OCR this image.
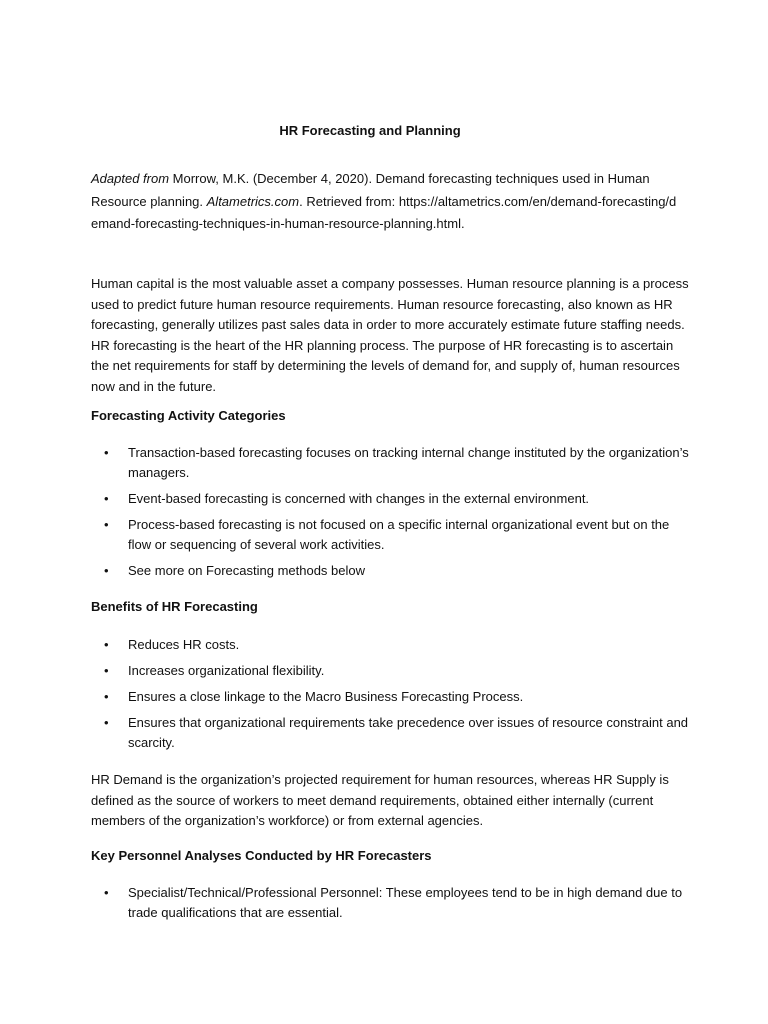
HR Forecasting and Planning
Adapted from Morrow, M.K. (December 4, 2020). Demand forecasting techniques used in Human Resource planning. Altametrics.com. Retrieved from: https://altametrics.com/en/demand-forecasting/demand-forecasting-techniques-in-human-resource-planning.html.
Human capital is the most valuable asset a company possesses. Human resource planning is a process used to predict future human resource requirements. Human resource forecasting, also known as HR forecasting, generally utilizes past sales data in order to more accurately estimate future staffing needs. HR forecasting is the heart of the HR planning process. The purpose of HR forecasting is to ascertain the net requirements for staff by determining the levels of demand for, and supply of, human resources now and in the future.
Forecasting Activity Categories
• Transaction-based forecasting focuses on tracking internal change instituted by the organization’s managers.
• Event-based forecasting is concerned with changes in the external environment.
• Process-based forecasting is not focused on a specific internal organizational event but on the flow or sequencing of several work activities.
• See more on Forecasting methods below
Benefits of HR Forecasting
• Reduces HR costs.
• Increases organizational flexibility.
• Ensures a close linkage to the Macro Business Forecasting Process.
• Ensures that organizational requirements take precedence over issues of resource constraint and scarcity.
HR Demand is the organization’s projected requirement for human resources, whereas HR Supply is defined as the source of workers to meet demand requirements, obtained either internally (current members of the organization’s workforce) or from external agencies.
Key Personnel Analyses Conducted by HR Forecasters
• Specialist/Technical/Professional Personnel: These employees tend to be in high demand due to trade qualifications that are essential.
